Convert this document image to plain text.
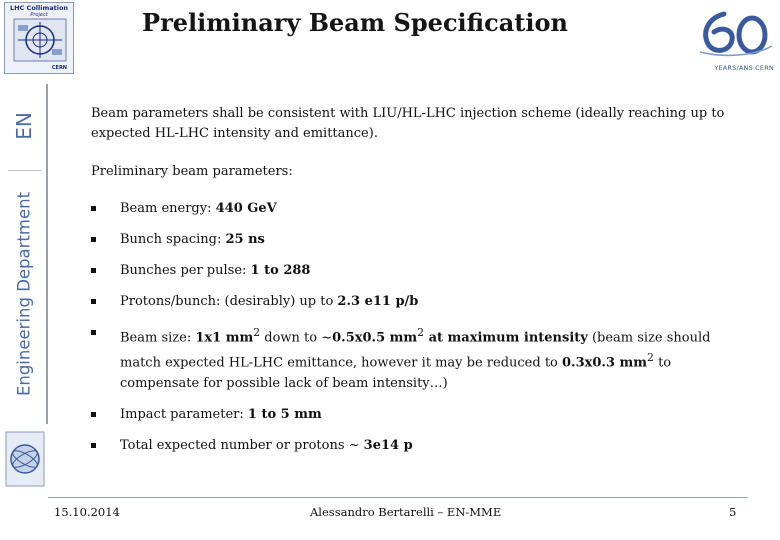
LHC Collimation
Project
CERN
Preliminary Beam Specification
YEARS/ANS CERN
EN
Engineering Department

Beam parameters shall be consistent with LIU/HL-LHC injection scheme (ideally reaching up to expected HL-LHC intensity and emittance).

Preliminary beam parameters:

Beam energy: 440 GeV
Bunch spacing: 25 ns
Bunches per pulse: 1 to 288
Protons/bunch: (desirably) up to 2.3 e11 p/b
Beam size: 1x1 $mm^2$ down to ~0.5x0.5 $mm^2$ at maximum intensity (beam size should match expected HL-LHC emittance, however it may be reduced to 0.3x0.3 $mm^2$ to compensate for possible lack of beam intensity…)
Impact parameter: 1 to 5 mm
Total expected number or protons ~ 3e14 p
15.10.2014	Alessandro Bertarelli – EN-MME	5
